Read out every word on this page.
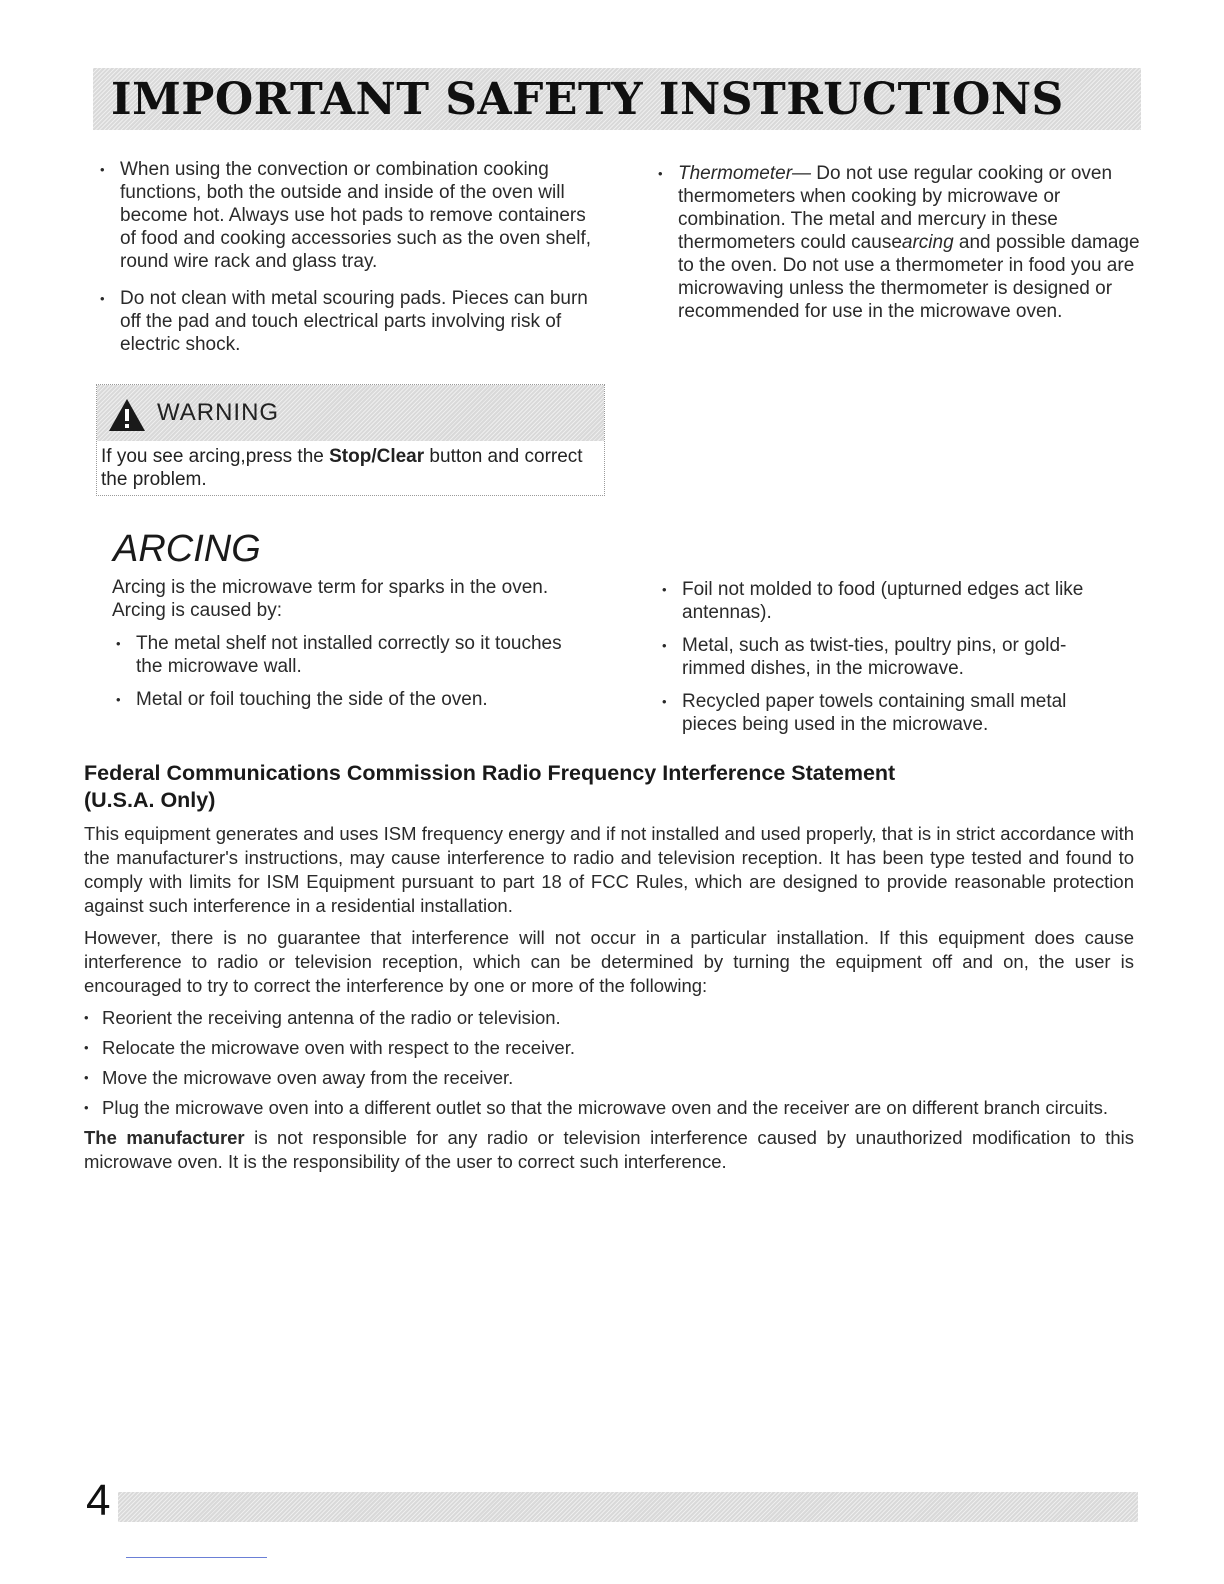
IMPORTANT SAFETY INSTRUCTIONS
• When using the convection or combination cooking functions, both the outside and inside of the oven will become hot. Always use hot pads to remove containers of food and cooking accessories such as the oven shelf, round wire rack and glass tray.
• Do not clean with metal scouring pads. Pieces can burn off the pad and touch electrical parts involving risk of electric shock.
• Thermometer— Do not use regular cooking or oven thermometers when cooking by microwave or combination. The metal and mercury in these thermometers could causearcing and possible damage to the oven. Do not use a thermometer in food you are microwaving unless the thermometer is designed or recommended for use in the microwave oven.
WARNING
If you see arcing,press the Stop/Clear button and correct the problem.
ARCING

Arcing is the microwave term for sparks in the oven. Arcing is caused by:

• The metal shelf not installed correctly so it touches the microwave wall.
• Metal or foil touching the side of the oven.
• Foil not molded to food (upturned edges act like antennas).
• Metal, such as twist-ties, poultry pins, or gold-rimmed dishes, in the microwave.
• Recycled paper towels containing small metal pieces being used in the microwave.
Federal Communications Commission Radio Frequency Interference Statement
(U.S.A. Only)

This equipment generates and uses ISM frequency energy and if not installed and used properly, that is in strict accordance with the manufacturer's instructions, may cause interference to radio and television reception. It has been type tested and found to comply with limits for ISM Equipment pursuant to part 18 of FCC Rules, which are designed to provide reasonable protection against such interference in a residential installation.

However, there is no guarantee that interference will not occur in a particular installation. If this equipment does cause interference to radio or television reception, which can be determined by turning the equipment off and on, the user is encouraged to try to correct the interference by one or more of the following:

• Reorient the receiving antenna of the radio or television.
• Relocate the microwave oven with respect to the receiver.
• Move the microwave oven away from the receiver.
• Plug the microwave oven into a different outlet so that the microwave oven and the receiver are on different branch circuits.

The manufacturer is not responsible for any radio or television interference caused by unauthorized modification to this microwave oven. It is the responsibility of the user to correct such interference.

4
